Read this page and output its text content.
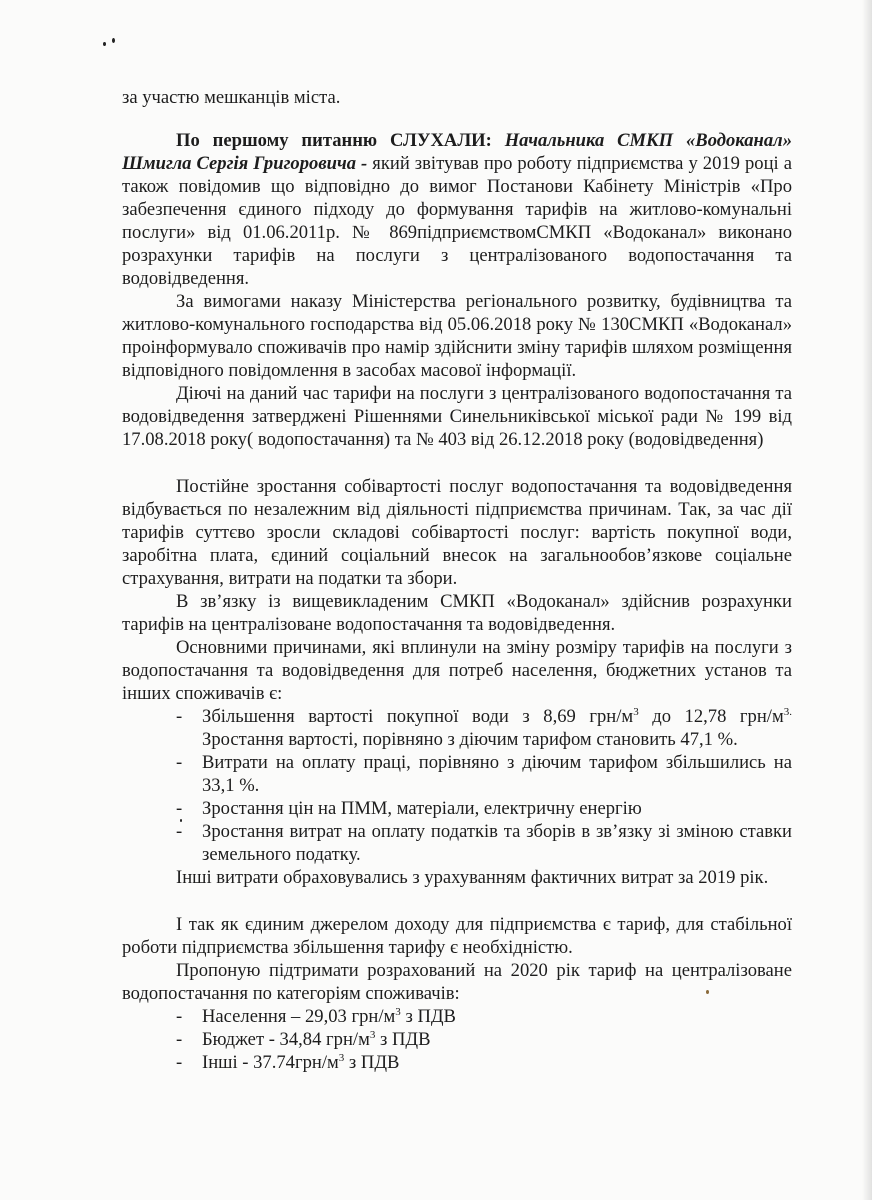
за участю мешканців міста.

По першому питанню СЛУХАЛИ: Начальника СМКП «Водоканал» Шмигла Сергія Григоровича - який звітував про роботу підприємства у 2019 році а також повідомив що відповідно до вимог Постанови Кабінету Міністрів «Про забезпечення єдиного підходу до формування тарифів на житлово-комунальні послуги» від 01.06.2011р. № 869підприємствомСМКП «Водоканал» виконано розрахунки тарифів на послуги з централізованого водопостачання та водовідведення.

За вимогами наказу Міністерства регіонального розвитку, будівництва та житлово-комунального господарства від 05.06.2018 року № 130СМКП «Водоканал» проінформувало споживачів про намір здійснити зміну тарифів шляхом розміщення відповідного повідомлення в засобах масової інформації.

Діючі на даний час тарифи на послуги з централізованого водопостачання та водовідведення затверджені Рішеннями Синельниківської міської ради № 199 від 17.08.2018 року( водопостачання) та № 403 від 26.12.2018 року (водовідведення)

Постійне зростання собівартості послуг водопостачання та водовідведення відбувається по незалежним від діяльності підприємства причинам. Так, за час дії тарифів суттєво зросли складові собівартості послуг: вартість покупної води, заробітна плата, єдиний соціальний внесок на загальнообов’язкове соціальне страхування, витрати на податки та збори.

В зв’язку із вищевикладеним СМКП «Водоканал» здійснив розрахунки тарифів на централізоване водопостачання та водовідведення.

Основними причинами, які вплинули на зміну розміру тарифів на послуги з водопостачання та водовідведення для потреб населення, бюджетних установ та інших споживачів є:

- Збільшення вартості покупної води з 8,69 грн/$м^3$ до 12,78 грн/$м^{3.}$ Зростання вартості, порівняно з діючим тарифом становить 47,1 %.
- Витрати на оплату праці, порівняно з діючим тарифом збільшились на 33,1 %.
- Зростання цін на ПММ, матеріали, електричну енергію
- Зростання витрат на оплату податків та зборів в зв’язку зі зміною ставки земельного податку.

Інші витрати обраховувались з урахуванням фактичних витрат за 2019 рік.

І так як єдиним джерелом доходу для підприємства є тариф, для стабільної роботи підприємства збільшення тарифу є необхідністю.

Пропоную підтримати розрахований на 2020 рік тариф на централізоване водопостачання по категоріям споживачів:

- Населення – 29,03 грн/$м^3$ з ПДВ
- Бюджет - 34,84 грн/$м^3$ з ПДВ
- Інші - $37.74грн/м^3$ з ПДВ
